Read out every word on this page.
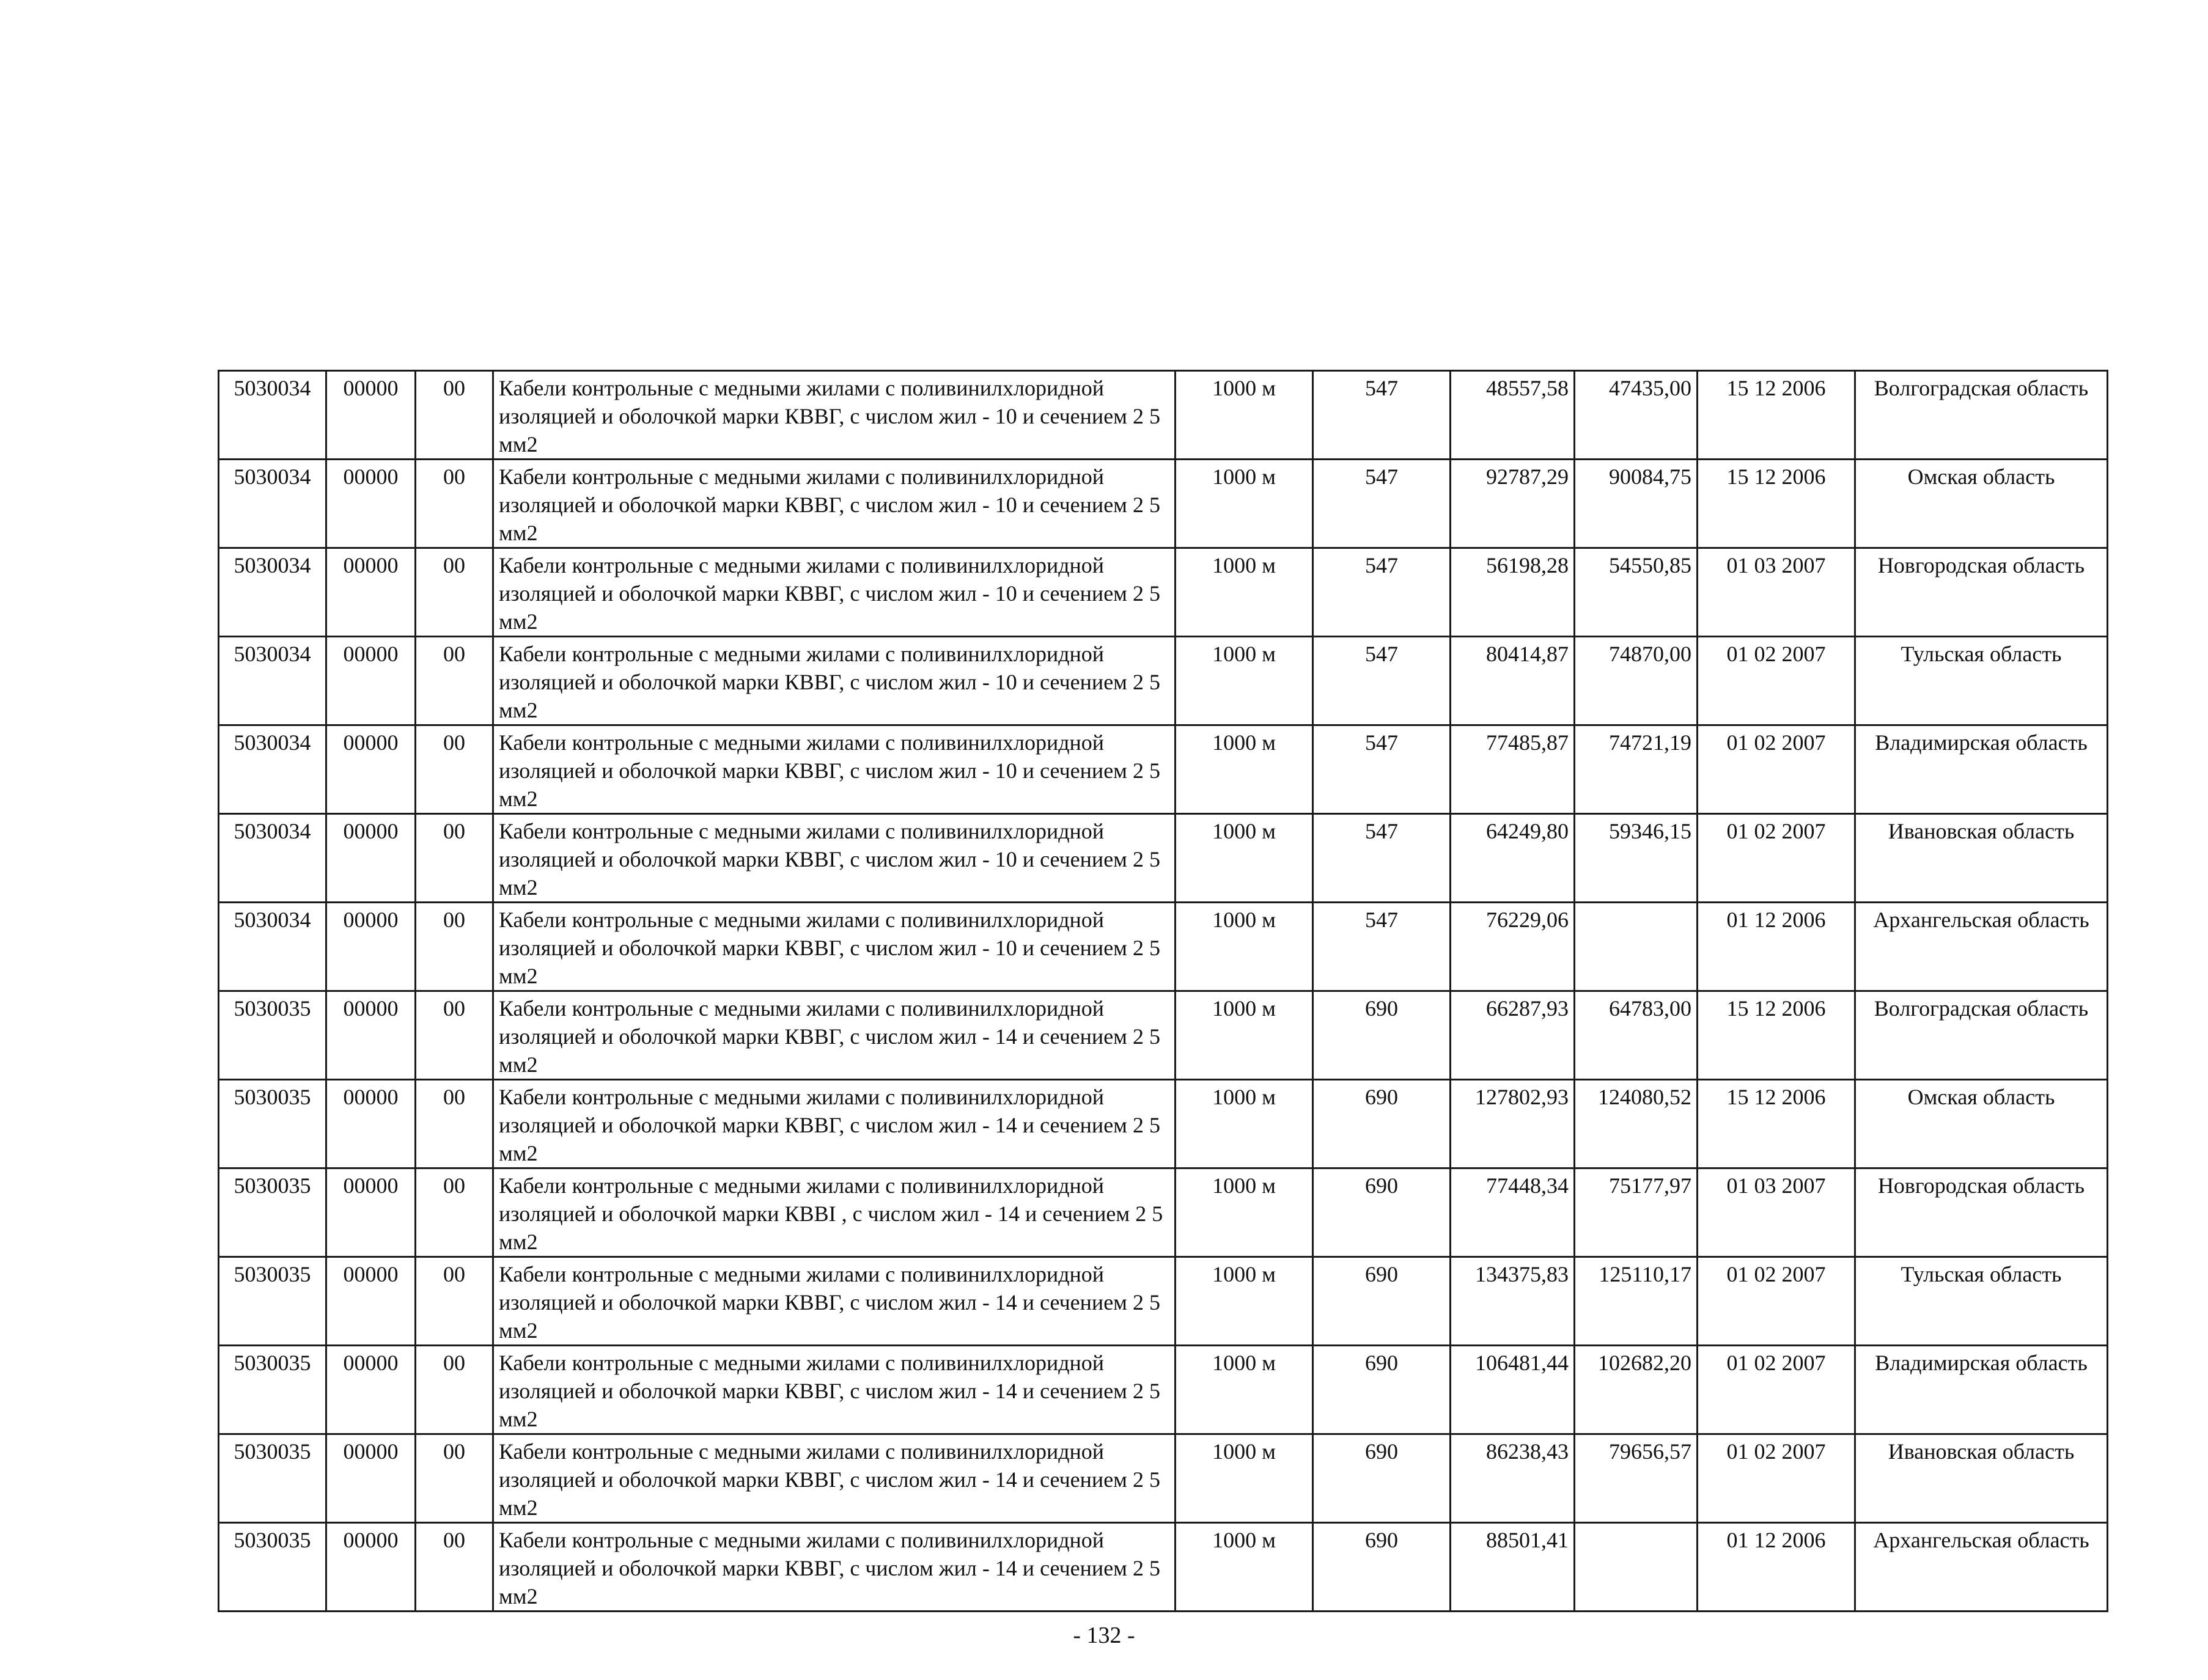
5030034	00000	00	Кабели контрольные с медными жилами с поливинилхлоридной изоляцией и оболочкой марки КВВГ, с числом жил - 10 и сечением 2 5 мм2	1000 м	547	48557,58	47435,00	15 12 2006	Волгоградская область
5030034	00000	00	Кабели контрольные с медными жилами с поливинилхлоридной изоляцией и оболочкой марки КВВГ, с числом жил - 10 и сечением 2 5 мм2	1000 м	547	92787,29	90084,75	15 12 2006	Омская область
5030034	00000	00	Кабели контрольные с медными жилами с поливинилхлоридной изоляцией и оболочкой марки КВВГ, с числом жил - 10 и сечением 2 5 мм2	1000 м	547	56198,28	54550,85	01 03 2007	Новгородская область
5030034	00000	00	Кабели контрольные с медными жилами с поливинилхлоридной изоляцией и оболочкой марки КВВГ, с числом жил - 10 и сечением 2 5 мм2	1000 м	547	80414,87	74870,00	01 02 2007	Тульская область
5030034	00000	00	Кабели контрольные с медными жилами с поливинилхлоридной изоляцией и оболочкой марки КВВГ, с числом жил - 10 и сечением 2 5 мм2	1000 м	547	77485,87	74721,19	01 02 2007	Владимирская область
5030034	00000	00	Кабели контрольные с медными жилами с поливинилхлоридной изоляцией и оболочкой марки КВВГ, с числом жил - 10 и сечением 2 5 мм2	1000 м	547	64249,80	59346,15	01 02 2007	Ивановская область
5030034	00000	00	Кабели контрольные с медными жилами с поливинилхлоридной изоляцией и оболочкой марки КВВГ, с числом жил - 10 и сечением 2 5 мм2	1000 м	547	76229,06		01 12 2006	Архангельская область
5030035	00000	00	Кабели контрольные с медными жилами с поливинилхлоридной изоляцией и оболочкой марки КВВГ, с числом жил - 14 и сечением 2 5 мм2	1000 м	690	66287,93	64783,00	15 12 2006	Волгоградская область
5030035	00000	00	Кабели контрольные с медными жилами с поливинилхлоридной изоляцией и оболочкой марки КВВГ, с числом жил - 14 и сечением 2 5 мм2	1000 м	690	127802,93	124080,52	15 12 2006	Омская область
5030035	00000	00	Кабели контрольные с медными жилами с поливинилхлоридной изоляцией и оболочкой марки КВВI , с числом жил - 14 и сечением 2 5 мм2	1000 м	690	77448,34	75177,97	01 03 2007	Новгородская область
5030035	00000	00	Кабели контрольные с медными жилами с поливинилхлоридной изоляцией и оболочкой марки КВВГ, с числом жил - 14 и сечением 2 5 мм2	1000 м	690	134375,83	125110,17	01 02 2007	Тульская область
5030035	00000	00	Кабели контрольные с медными жилами с поливинилхлоридной изоляцией и оболочкой марки КВВГ, с числом жил - 14 и сечением 2 5 мм2	1000 м	690	106481,44	102682,20	01 02 2007	Владимирская область
5030035	00000	00	Кабели контрольные с медными жилами с поливинилхлоридной изоляцией и оболочкой марки КВВГ, с числом жил - 14 и сечением 2 5 мм2	1000 м	690	86238,43	79656,57	01 02 2007	Ивановская область
5030035	00000	00	Кабели контрольные с медными жилами с поливинилхлоридной изоляцией и оболочкой марки КВВГ, с числом жил - 14 и сечением 2 5 мм2	1000 м	690	88501,41		01 12 2006	Архангельская область
- 132 -
